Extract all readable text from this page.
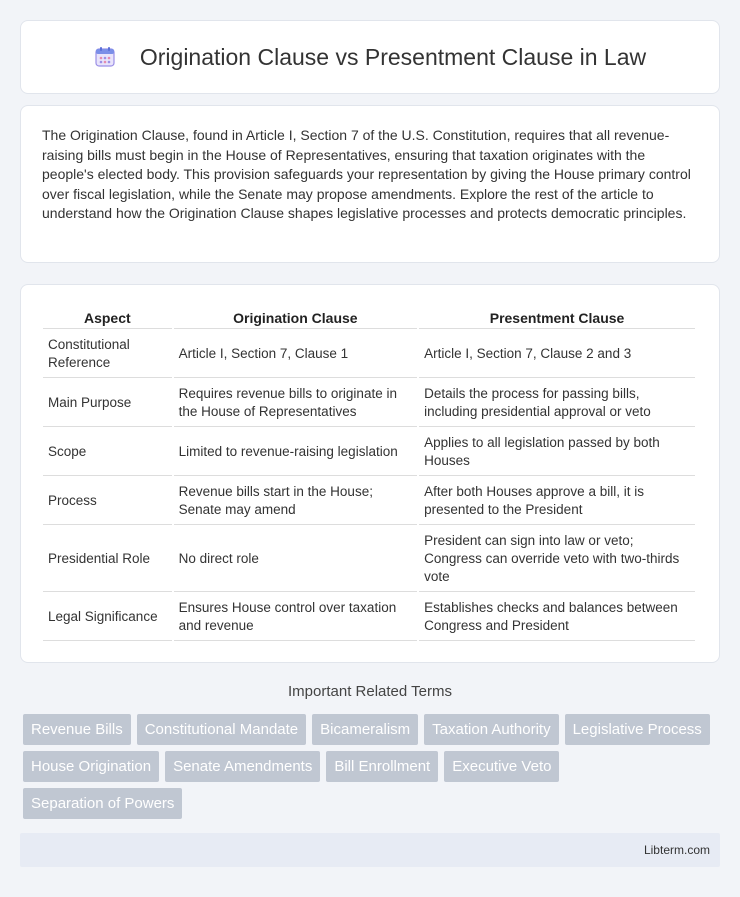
Origination Clause vs Presentment Clause in Law

The Origination Clause, found in Article I, Section 7 of the U.S. Constitution, requires that all revenue-raising bills must begin in the House of Representatives, ensuring that taxation originates with the people's elected body. This provision safeguards your representation by giving the House primary control over fiscal legislation, while the Senate may propose amendments. Explore the rest of the article to understand how the Origination Clause shapes legislative processes and protects democratic principles.

Aspect	Origination Clause	Presentment Clause
Constitutional Reference	Article I, Section 7, Clause 1	Article I, Section 7, Clause 2 and 3
Main Purpose	Requires revenue bills to originate in the House of Representatives	Details the process for passing bills, including presidential approval or veto
Scope	Limited to revenue-raising legislation	Applies to all legislation passed by both Houses
Process	Revenue bills start in the House; Senate may amend	After both Houses approve a bill, it is presented to the President
Presidential Role	No direct role	President can sign into law or veto; Congress can override veto with two-thirds vote
Legal Significance	Ensures House control over taxation and revenue	Establishes checks and balances between Congress and President
Important Related Terms
Revenue Bills	Constitutional Mandate	Bicameralism	Taxation Authority	Legislative Process
House Origination	Senate Amendments	Bill Enrollment	Executive Veto
Separation of Powers
Libterm.com
